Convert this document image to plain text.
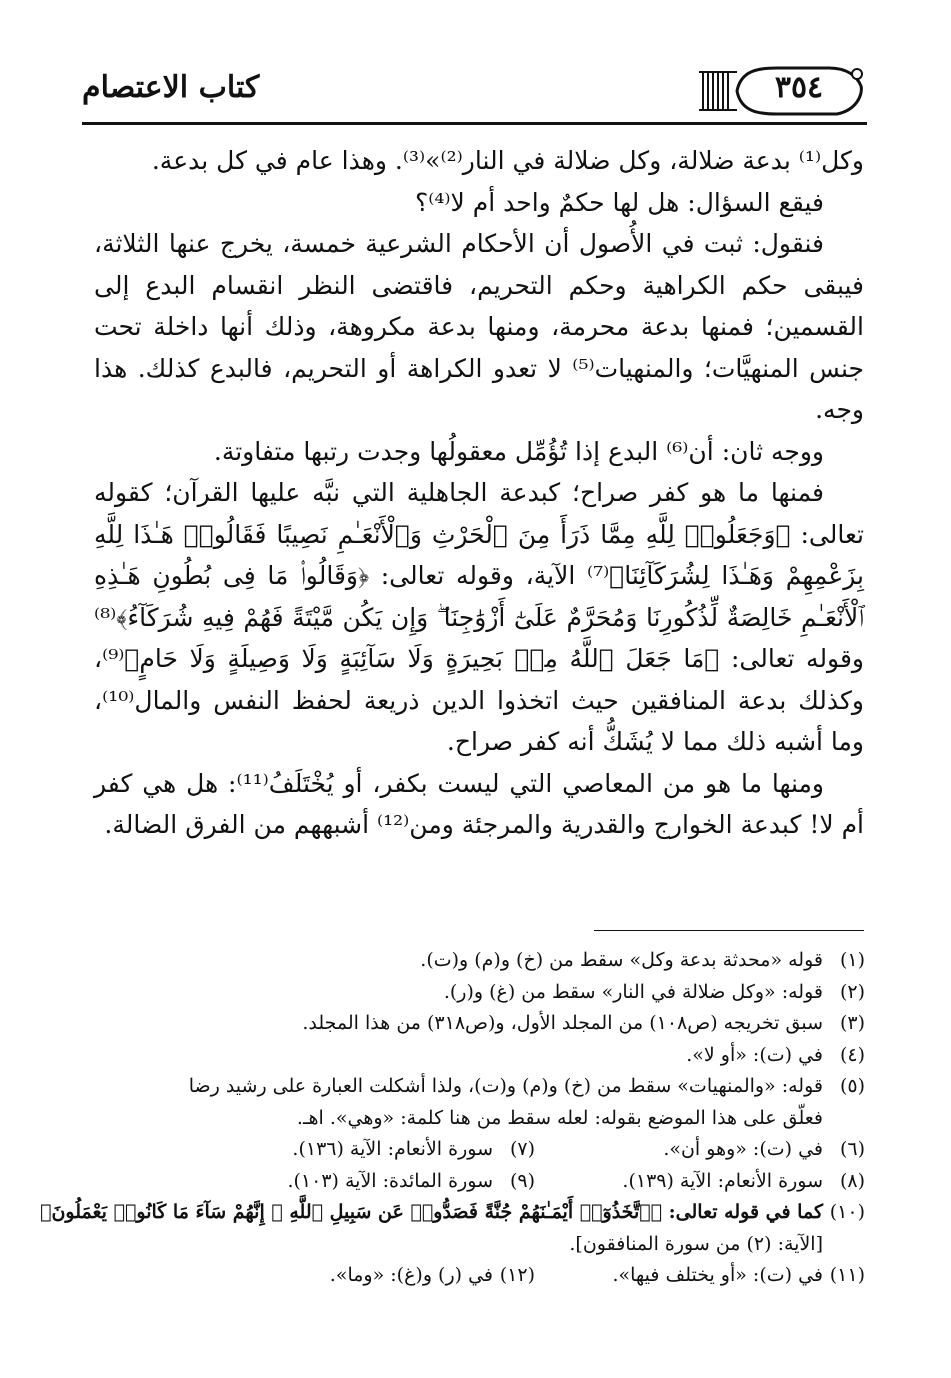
كتاب الاعتصام	٣٥٤

وكل⁽¹⁾ بدعة ضلالة، وكل ضلالة في النار⁽²⁾»⁽³⁾. وهذا عام في كل بدعة.

فيقع السؤال: هل لها حكمٌ واحد أم لا⁽⁴⁾؟

فنقول: ثبت في الأُصول أن الأحكام الشرعية خمسة، يخرج عنها الثلاثة، فيبقى حكم الكراهية وحكم التحريم، فاقتضى النظر انقسام البدع إلى القسمين؛ فمنها بدعة محرمة، ومنها بدعة مكروهة، وذلك أنها داخلة تحت جنس المنهيَّات؛ والمنهيات⁽⁵⁾ لا تعدو الكراهة أو التحريم، فالبدع كذلك. هذا وجه.

ووجه ثان: أن⁽⁶⁾ البدع إذا تُؤُمِّل معقولُها وجدت رتبها متفاوتة.

فمنها ما هو كفر صراح؛ كبدعة الجاهلية التي نبَّه عليها القرآن؛ كقوله تعالى: ﴿وَجَعَلُوا۟ لِلَّهِ مِمَّا ذَرَأَ مِنَ ٱلْحَرْثِ وَٱلْأَنْعَـٰمِ نَصِيبًا فَقَالُوا۟ هَـٰذَا لِلَّهِ بِزَعْمِهِمْ وَهَـٰذَا لِشُرَكَآئِنَا﴾⁽⁷⁾ الآية، وقوله تعالى: ﴿وَقَالُوا۟ مَا فِى بُطُونِ هَـٰذِهِ ٱلْأَنْعَـٰمِ خَالِصَةٌ لِّذُكُورِنَا وَمُحَرَّمٌ عَلَىٰٓ أَزْوَٰجِنَا ۖ وَإِن يَكُن مَّيْتَةً فَهُمْ فِيهِ شُرَكَآءُ﴾⁽⁸⁾ وقوله تعالى: ﴿مَا جَعَلَ ٱللَّهُ مِنۢ بَحِيرَةٍ وَلَا سَآئِبَةٍ وَلَا وَصِيلَةٍ وَلَا حَامٍ﴾⁽⁹⁾، وكذلك بدعة المنافقين حيث اتخذوا الدين ذريعة لحفظ النفس والمال⁽¹⁰⁾، وما أشبه ذلك مما لا يُشَكُّ أنه كفر صراح.

ومنها ما هو من المعاصي التي ليست بكفر، أو يُخْتَلَفُ⁽¹¹⁾: هل هي كفر أم لا! كبدعة الخوارج والقدرية والمرجئة ومن⁽¹²⁾ أشبههم من الفرق الضالة.

(١)قوله «محدثة بدعة وكل» سقط من (خ) و(م) و(ت).
(٢)قوله: «وكل ضلالة في النار» سقط من (غ) و(ر).
(٣)سبق تخريجه (ص١٠٨) من المجلد الأول، و(ص٣١٨) من هذا المجلد.
(٤)في (ت): «أو لا».
(٥)قوله: «والمنهيات» سقط من (خ) و(م) و(ت)، ولذا أشكلت العبارة على رشيد رضا
فعلّق على هذا الموضع بقوله: لعله سقط من هنا كلمة: «وهي». اهـ.
(٦)في (ت): «وهو أن».
(٧)سورة الأنعام: الآية (١٣٦).
(٨)سورة الأنعام: الآية (١٣٩).
(٩)سورة المائدة: الآية (١٠٣).
(١٠)كما في قوله تعالى: ﴿ٱتَّخَذُوٓا۟ أَيْمَـٰنَهُمْ جُنَّةً فَصَدُّوا۟ عَن سَبِيلِ ٱللَّهِ ۚ إِنَّهُمْ سَآءَ مَا كَانُوا۟ يَعْمَلُونَ﴾
[الآية: (٢) من سورة المنافقون].
(١١)في (ت): «أو يختلف فيها».
(١٢)في (ر) و(غ): «وما».
